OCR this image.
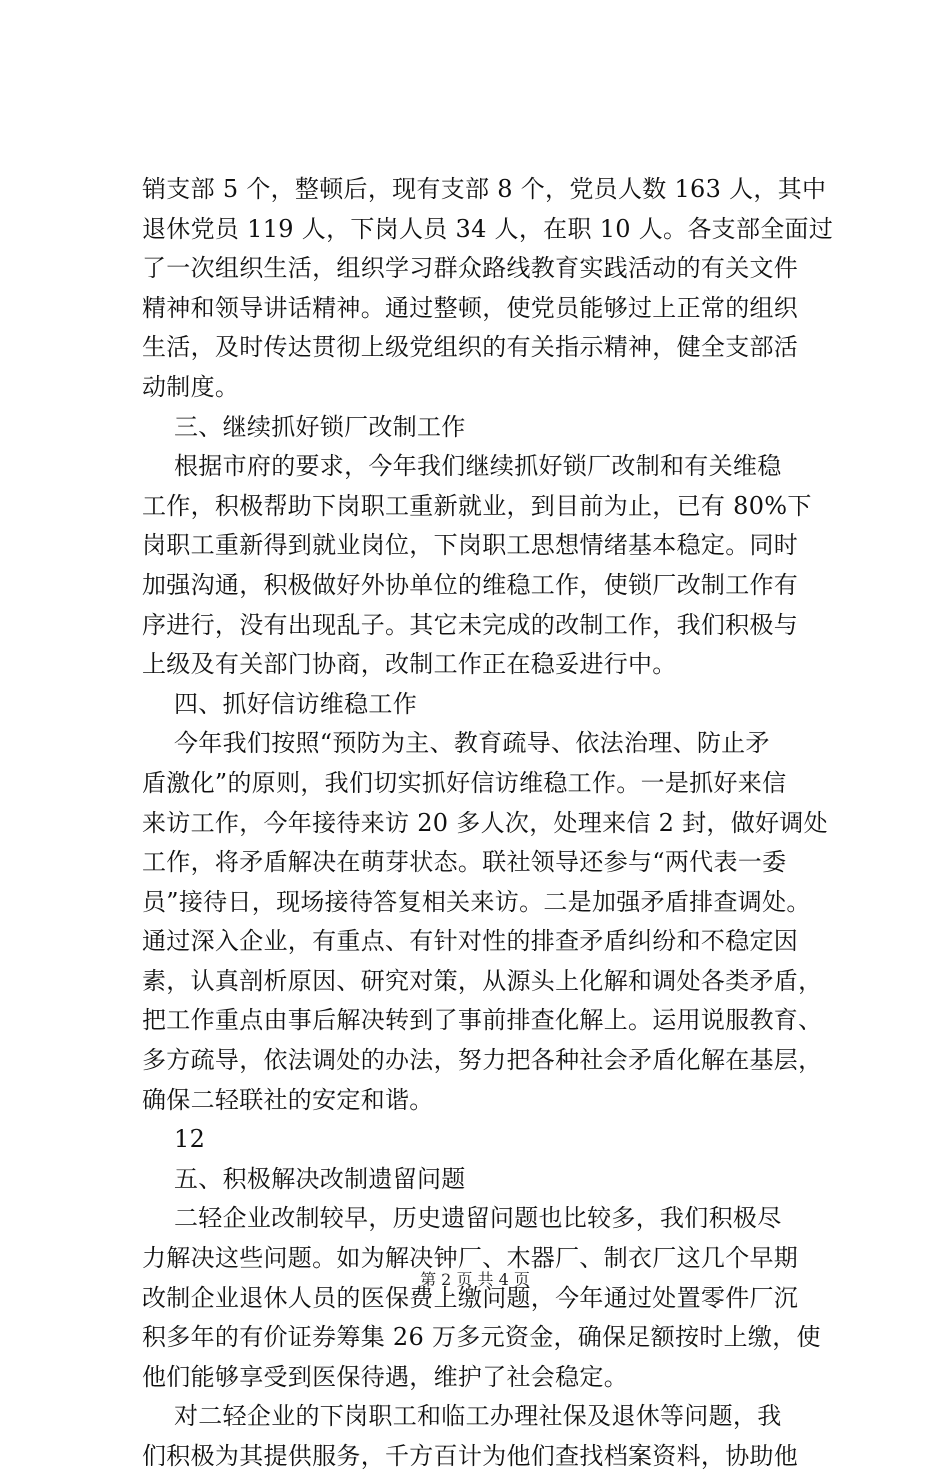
销支部 5 个，整顿后，现有支部 8 个，党员人数 163 人，其中
退休党员 119 人，下岗人员 34 人，在职 10 人。各支部全面过
了一次组织生活，组织学习群众路线教育实践活动的有关文件
精神和领导讲话精神。通过整顿，使党员能够过上正常的组织
生活，及时传达贯彻上级党组织的有关指示精神，健全支部活
动制度。
三、继续抓好锁厂改制工作
根据市府的要求，今年我们继续抓好锁厂改制和有关维稳
工作，积极帮助下岗职工重新就业，到目前为止，已有 80%下
岗职工重新得到就业岗位，下岗职工思想情绪基本稳定。同时
加强沟通，积极做好外协单位的维稳工作，使锁厂改制工作有
序进行，没有出现乱子。其它未完成的改制工作，我们积极与
上级及有关部门协商，改制工作正在稳妥进行中。
四、抓好信访维稳工作
今年我们按照“预防为主、教育疏导、依法治理、防止矛
盾激化”的原则，我们切实抓好信访维稳工作。一是抓好来信
来访工作，今年接待来访 20 多人次，处理来信 2 封，做好调处
工作，将矛盾解决在萌芽状态。联社领导还参与“两代表一委
员”接待日，现场接待答复相关来访。二是加强矛盾排查调处。
通过深入企业，有重点、有针对性的排查矛盾纠纷和不稳定因
素，认真剖析原因、研究对策，从源头上化解和调处各类矛盾，
把工作重点由事后解决转到了事前排查化解上。运用说服教育、
多方疏导，依法调处的办法，努力把各种社会矛盾化解在基层，
确保二轻联社的安定和谐。
12
五、积极解决改制遗留问题
二轻企业改制较早，历史遗留问题也比较多，我们积极尽
力解决这些问题。如为解决钟厂、木器厂、制衣厂这几个早期
改制企业退休人员的医保费上缴问题，今年通过处置零件厂沉
积多年的有价证券筹集 26 万多元资金，确保足额按时上缴，使
他们能够享受到医保待遇，维护了社会稳定。
对二轻企业的下岗职工和临工办理社保及退休等问题，我
们积极为其提供服务，千方百计为他们查找档案资料，协助他
第 2 页 共 4 页
